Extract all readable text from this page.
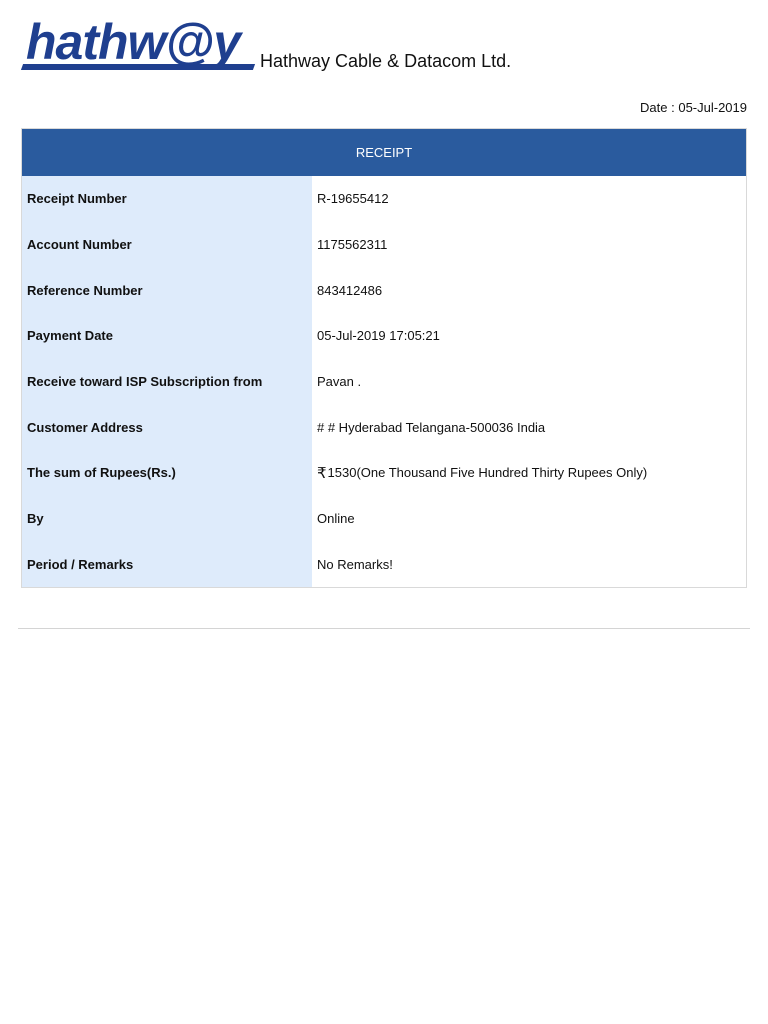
hathw@y Hathway Cable & Datacom Ltd.
Date : 05-Jul-2019
RECEIPT
Receipt Number	R-19655412
Account Number	1175562311
Reference Number	843412486
Payment Date	05-Jul-2019 17:05:21
Receive toward ISP Subscription from	Pavan .
Customer Address	# # Hyderabad Telangana-500036 India
The sum of Rupees(Rs.)	₹ 1530(One Thousand Five Hundred Thirty Rupees Only)
By	Online
Period / Remarks	No Remarks!
